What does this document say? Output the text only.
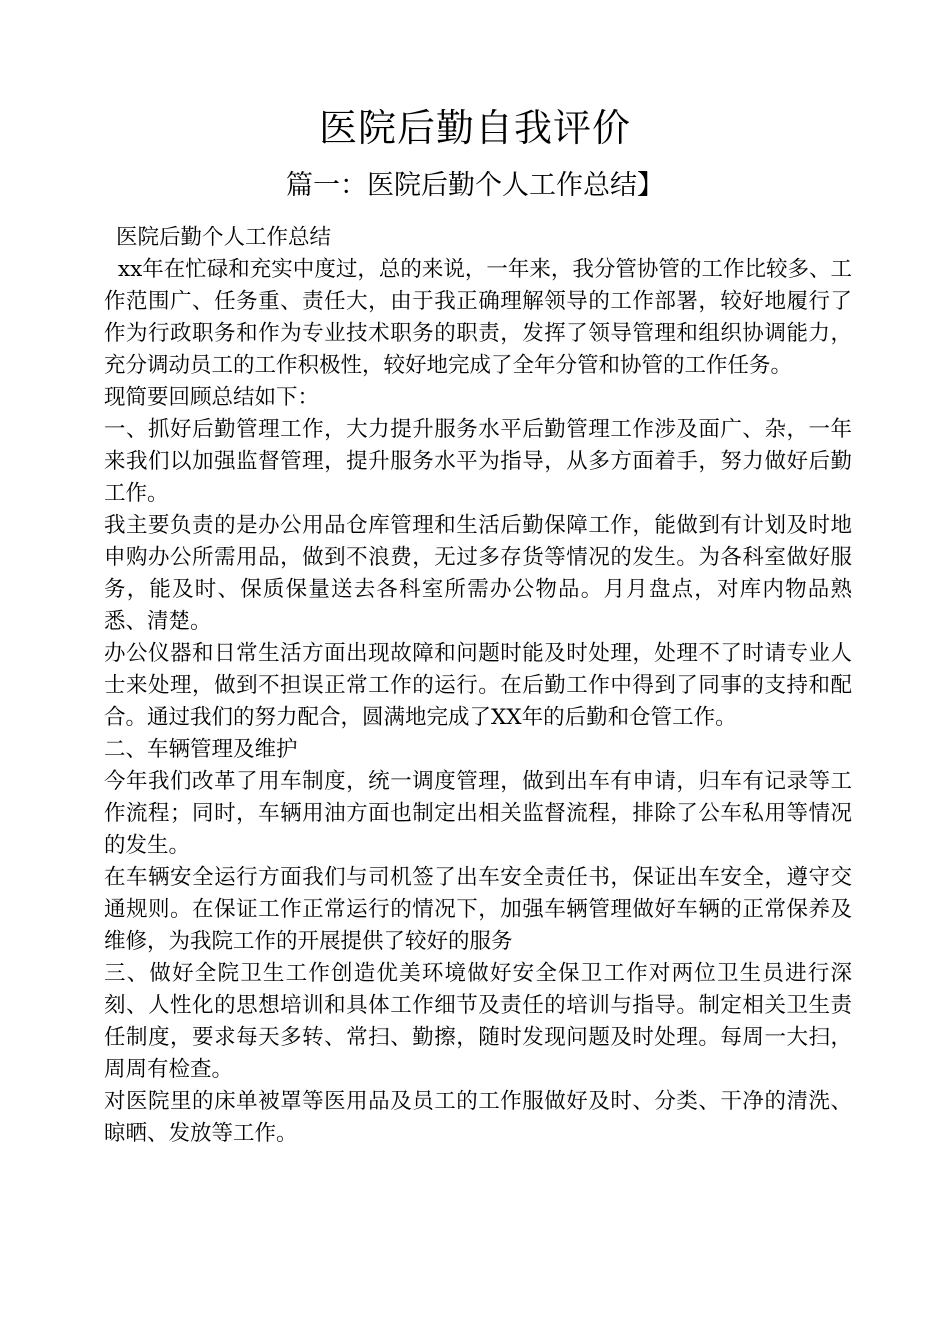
医院后勤自我评价
篇一：医院后勤个人工作总结】

医院后勤个人工作总结

xx年在忙碌和充实中度过，总的来说，一年来，我分管协管的工作比较多、工作范围广、任务重、责任大，由于我正确理解领导的工作部署，较好地履行了作为行政职务和作为专业技术职务的职责，发挥了领导管理和组织协调能力，充分调动员工的工作积极性，较好地完成了全年分管和协管的工作任务。

现简要回顾总结如下：

一、抓好后勤管理工作，大力提升服务水平后勤管理工作涉及面广、杂，一年来我们以加强监督管理，提升服务水平为指导，从多方面着手，努力做好后勤工作。

我主要负责的是办公用品仓库管理和生活后勤保障工作，能做到有计划及时地申购办公所需用品，做到不浪费，无过多存货等情况的发生。为各科室做好服务，能及时、保质保量送去各科室所需办公物品。月月盘点，对库内物品熟悉、清楚。

办公仪器和日常生活方面出现故障和问题时能及时处理，处理不了时请专业人士来处理，做到不担误正常工作的运行。在后勤工作中得到了同事的支持和配合。通过我们的努力配合，圆满地完成了XX年的后勤和仓管工作。

二、车辆管理及维护

今年我们改革了用车制度，统一调度管理，做到出车有申请，归车有记录等工作流程；同时，车辆用油方面也制定出相关监督流程，排除了公车私用等情况的发生。

在车辆安全运行方面我们与司机签了出车安全责任书，保证出车安全，遵守交通规则。在保证工作正常运行的情况下，加强车辆管理做好车辆的正常保养及维修，为我院工作的开展提供了较好的服务

三、做好全院卫生工作创造优美环境做好安全保卫工作对两位卫生员进行深刻、人性化的思想培训和具体工作细节及责任的培训与指导。制定相关卫生责任制度，要求每天多转、常扫、勤擦，随时发现问题及时处理。每周一大扫，周周有检查。

对医院里的床单被罩等医用品及员工的工作服做好及时、分类、干净的清洗、晾晒、发放等工作。
